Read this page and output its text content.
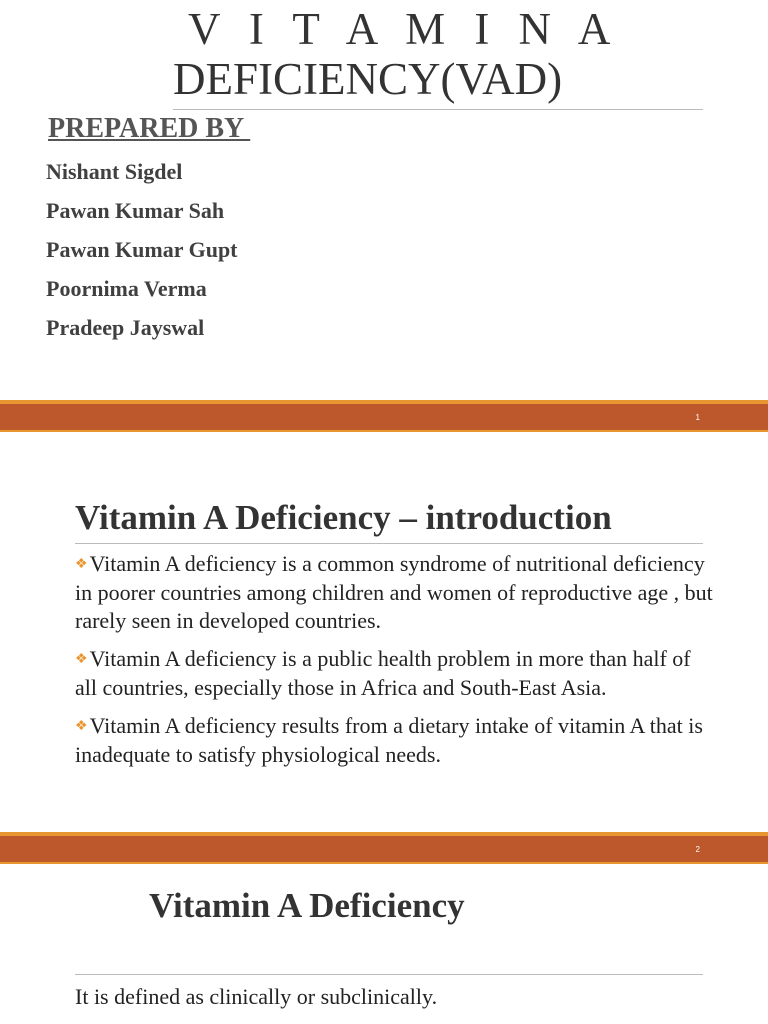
V I T A M I N A
DEFICIENCY(VAD)
PREPARED BY
Nishant Sigdel
Pawan Kumar Sah
Pawan Kumar Gupt
Poornima Verma
Pradeep Jayswal
1
Vitamin A Deficiency – introduction
❖Vitamin A deficiency is a common syndrome of nutritional deficiency in poorer countries among children and women of reproductive age , but rarely seen in developed countries.
❖Vitamin A deficiency is a public health problem in more than half of all countries, especially those in Africa and South-East Asia.
❖Vitamin A deficiency results from a dietary intake of vitamin A that is inadequate to satisfy physiological needs.
2
Vitamin A Deficiency
It is defined as clinically or subclinically.
